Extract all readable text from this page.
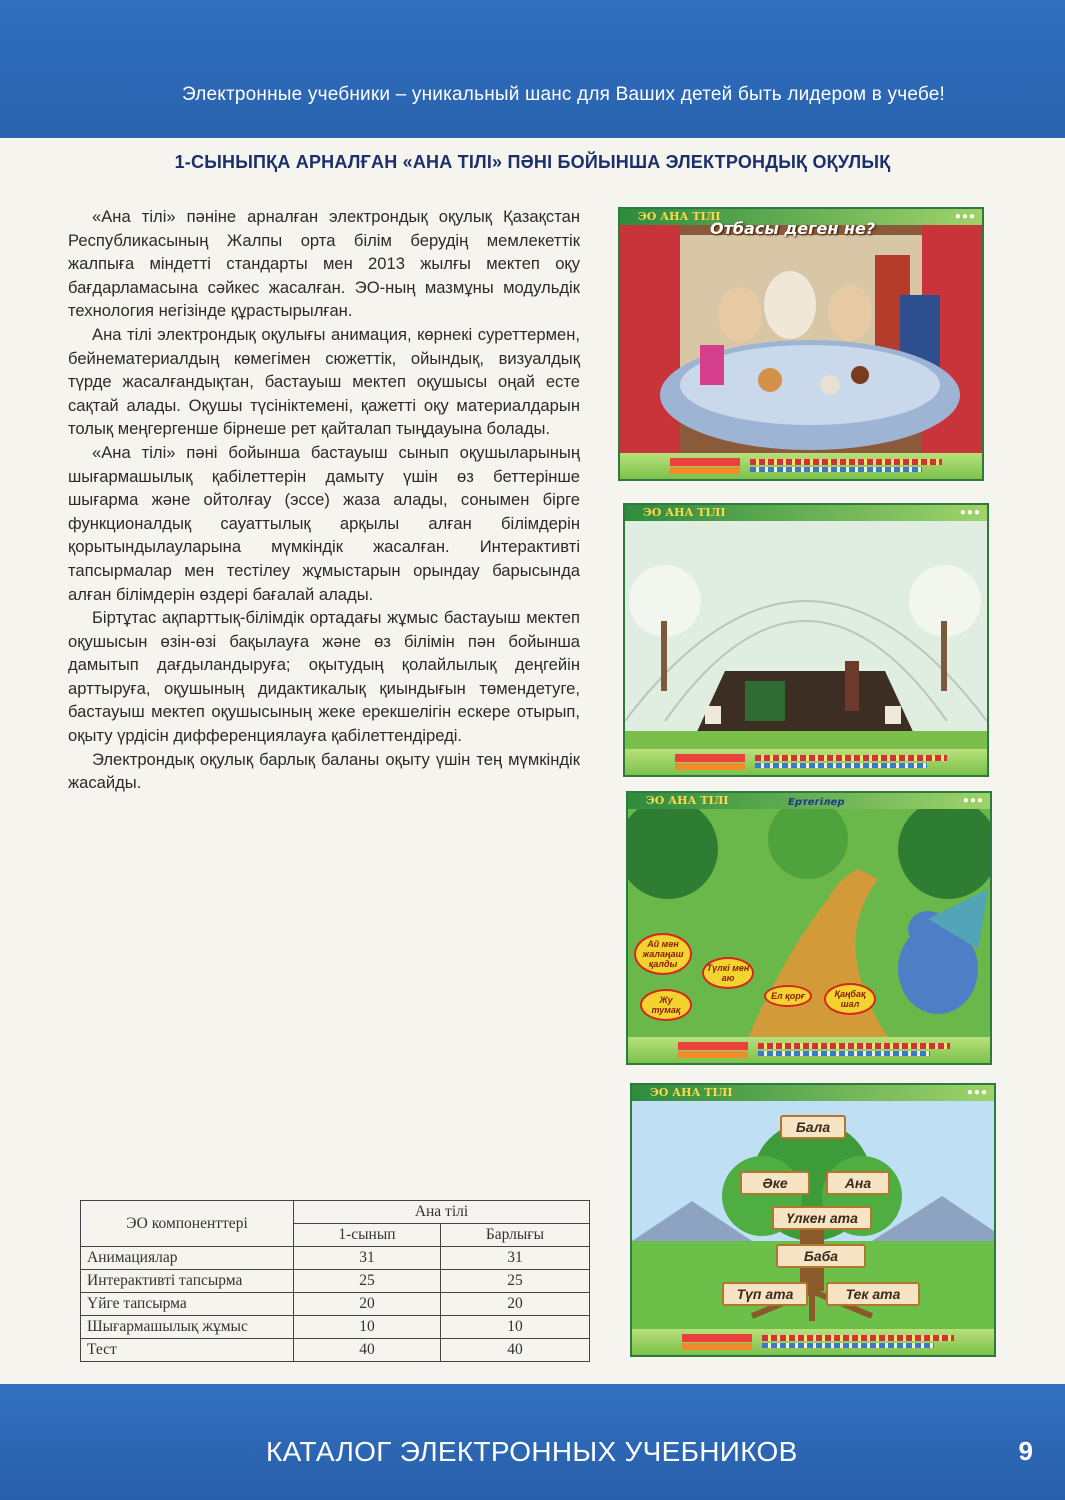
Электронные учебники – уникальный шанс для Ваших детей быть лидером в учебе!
1-СЫНЫПҚА АРНАЛҒАН «АНА ТІЛІ» ПӘНІ БОЙЫНША ЭЛЕКТРОНДЫҚ ОҚУЛЫҚ

«Ана тілі» пәніне арналған электрондық оқулық Қазақстан Республикасының Жалпы орта білім берудің мемлекеттік жалпыға міндетті стандарты мен 2013 жылғы мектеп оқу бағдарламасына сәйкес жасалған. ЭО-ның мазмұны модульдік технология негізінде құрастырылған.

Ана тілі электрондық оқулығы анимация, көрнекі суреттермен, бейнематериалдың көмегімен сюжеттік, ойындық, визуалдық түрде жасалғандықтан, бастауыш мектеп оқушысы оңай есте сақтай алады. Оқушы түсініктемені, қажетті оқу материалдарын толық меңгергенше бірнеше рет қайталап тыңдауына болады.

«Ана тілі» пәні бойынша бастауыш сынып оқушыларының шығармашылық қабілеттерін дамыту үшін өз беттерінше шығарма және ойтолғау (эссе) жаза алады, сонымен бірге функционалдық сауаттылық арқылы алған білімдерін қорытындылауларына мүмкіндік жасалған. Интерактивті тапсырмалар мен тестілеу жұмыстарын орындау барысында алған білімдерін өздері бағалай алады.

Біртұтас ақпарттық-білімдік ортадағы жұмыс бастауыш мектеп оқушысын өзін-өзі бақылауға және өз білімін пән бойынша дамытып дағдыландыруға; оқытудың қолайлылық деңгейін арттыруға, оқушының дидактикалық қиындығын төмендетуге, бастауыш мектеп оқушысының жеке ерекшелігін ескере отырып, оқыту үрдісін дифференциялауға қабілеттендіреді.

Электрондық оқулық барлық баланы оқыту үшін тең мүмкіндік жасайды.

ЭО АНА ТІЛІ	●●●
Отбасы деген не?
ЭО АНА ТІЛІ	●●●
ЭО АНА ТІЛІ	●●●
Ертегілер
Ай мен жалаңаш қалды	Түлкі мен аю
Жу тумақ
Ел қорғ	Қаңбақ шал
ЭО АНА ТІЛІ	●●●
Бала
Әке	Ана
Үлкен ата
Баба
Түп ата	Тек ата
ЭО компоненттері	Ана тілі	
	1-сынып	Барлығы
Анимациялар	31	31
Интерактивті тапсырма	25	25
Үйге тапсырма	20	20
Шығармашылық жұмыс	10	10
Тест	40	40
КАТАЛОГ ЭЛЕКТРОННЫХ УЧЕБНИКОВ	9
